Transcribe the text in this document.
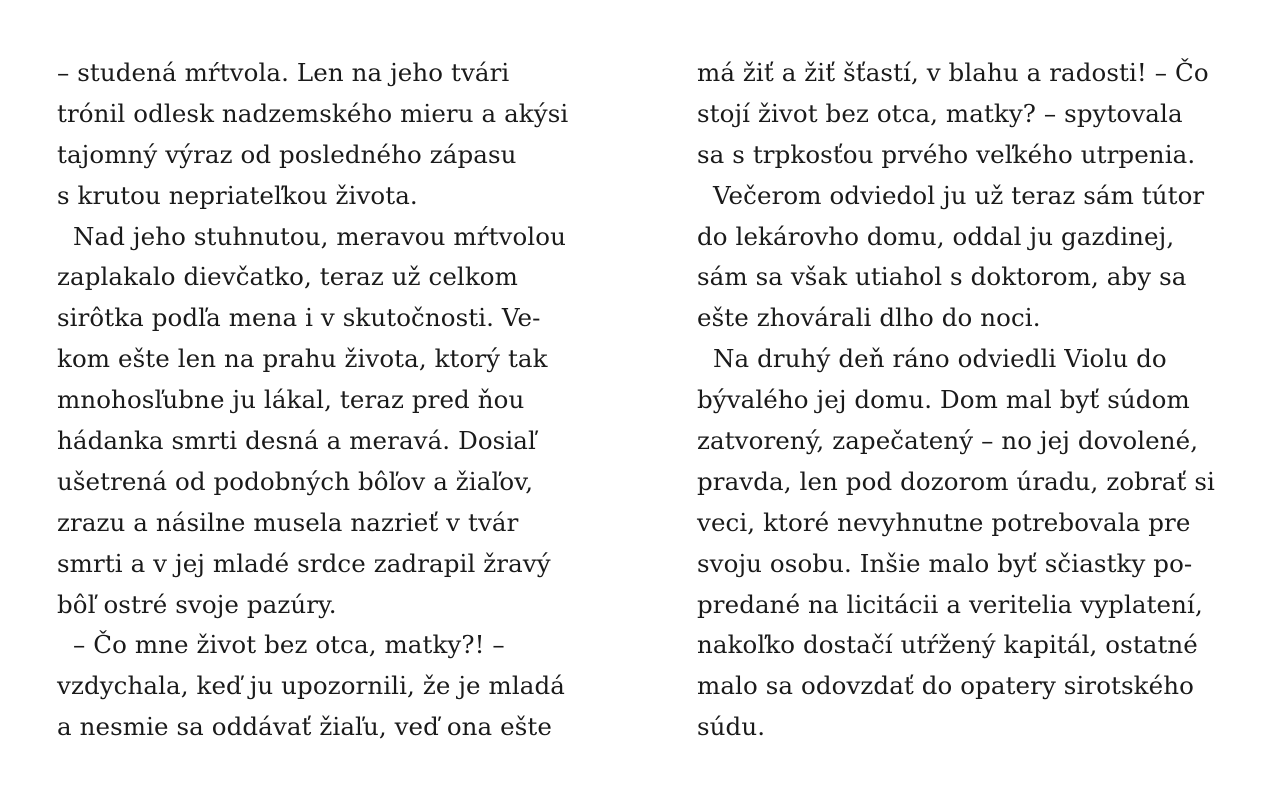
– studená mŕtvola. Len na jeho tvári
trónil odlesk nadzemského mieru a akýsi
tajomný výraz od posledného zápasu
s krutou nepriateľkou života.
Nad jeho stuhnutou, meravou mŕtvolou
zaplakalo dievčatko, teraz už celkom
sirôtka podľa mena i v skutočnosti. Ve-
kom ešte len na prahu života, ktorý tak
mnohosľubne ju lákal, teraz pred ňou
hádanka smrti desná a meravá. Dosiaľ
ušetrená od podobných bôľov a žiaľov,
zrazu a násilne musela nazrieť v tvár
smrti a v jej mladé srdce zadrapil žravý
bôľ ostré svoje pazúry.
– Čo mne život bez otca, matky?! –
vzdychala, keď ju upozornili, že je mladá
a nesmie sa oddávať žiaľu, veď ona ešte
má žiť a žiť šťastí, v blahu a radosti! – Čo
stojí život bez otca, matky? – spytovala
sa s trpkosťou prvého veľkého utrpenia.
Večerom odviedol ju už teraz sám tútor
do lekárovho domu, oddal ju gazdinej,
sám sa však utiahol s doktorom, aby sa
ešte zhovárali dlho do noci.
Na druhý deň ráno odviedli Violu do
bývalého jej domu. Dom mal byť súdom
zatvorený, zapečatený – no jej dovolené,
pravda, len pod dozorom úradu, zobrať si
veci, ktoré nevyhnutne potrebovala pre
svoju osobu. Inšie malo byť sčiastky po-
predané na licitácii a veritelia vyplatení,
nakoľko dostačí utŕžený kapitál, ostatné
malo sa odovzdať do opatery sirotského
súdu.
